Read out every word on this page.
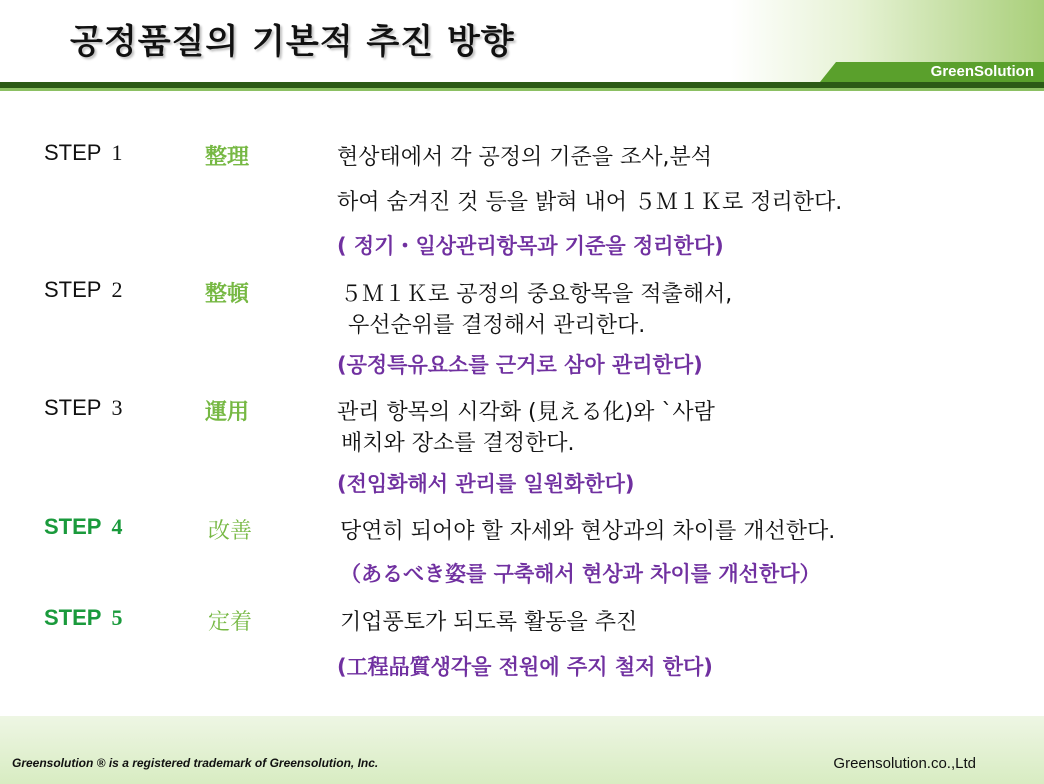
공정품질의 기본적 추진 방향
GreenSolution
STEP 1	整理	현상태에서 각 공정의 기준을 조사,분석
하여 숨겨진 것 등을 밝혀 내어 ５Ｍ１Ｋ로 정리한다.
( 정기・일상관리항목과 기준을 정리한다)
STEP 2	整頓	５Ｍ１Ｋ로 공정의 중요항목을 적출해서,
우선순위를 결정해서 관리한다.
(공정특유요소를 근거로 삼아 관리한다)
STEP 3	運用	관리 항목의 시각화 (見える化)와 `사람
배치와 장소를 결정한다.
(전임화해서 관리를 일원화한다)
STEP 4	改善	당연히 되어야 할 자세와 현상과의 차이를 개선한다.
（あるべき姿를 구축해서 현상과 차이를 개선한다）
STEP 5	定着	기업풍토가 되도록 활동을 추진
(工程品質생각을 전원에 주지 철저 한다)
Greensolution ® is a registered trademark of Greensolution, Inc.	Greensolution.co.,Ltd
